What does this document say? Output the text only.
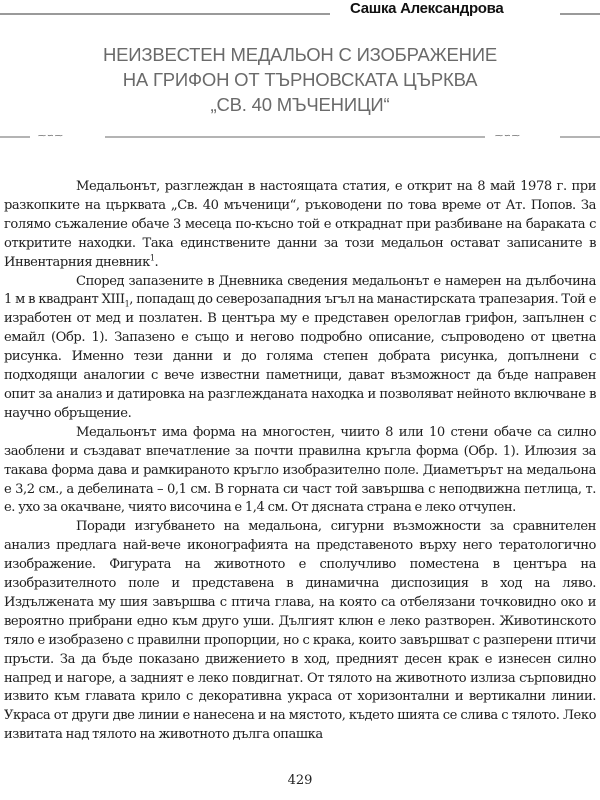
Сашка Александрова
НЕИЗВЕСТЕН МЕДАЛЬОН С ИЗОБРАЖЕНИЕ
НА ГРИФОН ОТ ТЪРНОВСКАТА ЦЪРКВА
„СВ. 40 МЪЧЕНИЦИ“
⁓∽⁓	⁓∽⁓

Медальонът, разглеждан в настоящата статия, е открит на 8 май 1978 г. при разкопките на църквата „Св. 40 мъченици“, ръководени по това време от Ат. Попов. За голямо съжаление обаче 3 месеца по-късно той е откраднат при разбиване на бараката с откритите находки. Така единствените данни за този медальон остават записаните в Инвентарния дневник$^1$.

Според запазените в Дневника сведения медальонът е намерен на дълбочина 1 м в квадрант $XIII_1$, попадащ до северозападния ъгъл на манастирската трапезария. Той е изработен от мед и позлатен. В центъра му е представен орелоглав грифон, запълнен с емайл (Обр. 1). Запазено е също и негово подробно описание, съпроводено от цветна рисунка. Именно тези данни и до голяма степен добрата рисунка, допълнени с подходящи аналогии с вече известни паметници, дават възможност да бъде направен опит за анализ и датировка на разглежданата находка и позволяват нейното включване в научно обръщение.

Медальонът има форма на многостен, чиито 8 или 10 стени обаче са силно заоблени и създават впечатление за почти правилна кръгла форма (Обр. 1). Илюзия за такава форма дава и рамкираното кръгло изобразително поле. Диаметърът на медальона е 3,2 см., а дебелината – 0,1 см. В горната си част той завършва с неподвижна петлица, т. е. ухо за окачване, чиято височина е 1,4 см. От дясната страна е леко отчупен.

Поради изгубването на медальона, сигурни възможности за сравнителен анализ предлага най-вече иконографията на представеното върху него тератологично изображение. Фигурата на животното е сполучливо поместена в центъра на изобразителното поле и представена в динамична диспозиция в ход на ляво. Издължената му шия завършва с птича глава, на която са отбелязани точковидно око и вероятно прибрани едно към друго уши. Дългият клюн е леко разтворен. Животинското тяло е изобразено с правилни пропорции, но с крака, които завършват с разперени птичи пръсти. За да бъде показано движението в ход, предният десен крак е изнесен силно напред и нагоре, а задният е леко повдигнат. От тялото на животното излиза сърповидно извито към главата крило с декоративна украса от хоризонтални и вертикални линии. Украса от други две линии е нанесена и на мястото, където шията се слива с тялото. Леко извитата над тялото на животното дълга опашка

429
